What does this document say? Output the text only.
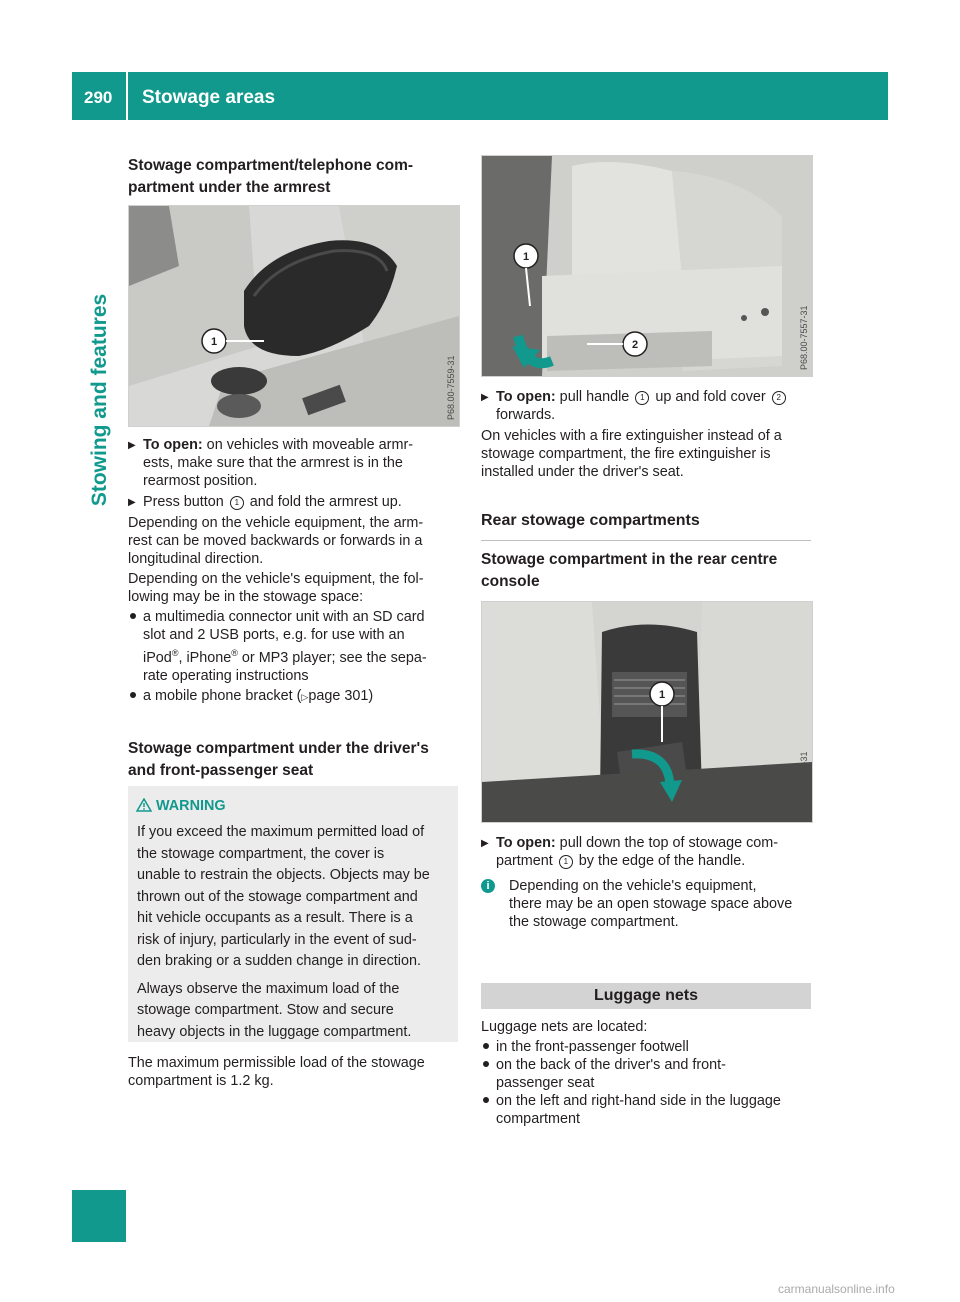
290 Stowage areas
Stowing and features

Stowage compartment/telephone com-

partment under the armrest

1
P68.00-7559-31

▶ To open: on vehicles with moveable armr-
ests, make sure that the armrest is in the
rearmost position.

▶ Press button 1 and fold the armrest up.

Depending on the vehicle equipment, the arm-
rest can be moved backwards or forwards in a
longitudinal direction.

Depending on the vehicle's equipment, the fol-
lowing may be in the stowage space:

a multimedia connector unit with an SD card
slot and 2 USB ports, e.g. for use with an
iPod®, iPhone® or MP3 player; see the sepa-
rate operating instructions

a mobile phone bracket (▷page 301)

Stowage compartment under the driver's

and front-passenger seat

WARNING

If you exceed the maximum permitted load of
the stowage compartment, the cover is
unable to restrain the objects. Objects may be
thrown out of the stowage compartment and
hit vehicle occupants as a result. There is a
risk of injury, particularly in the event of sud-
den braking or a sudden change in direction.

Always observe the maximum load of the
stowage compartment. Stow and secure
heavy objects in the luggage compartment.

The maximum permissible load of the stowage
compartment is 1.2 kg.

1
2	P68.00-7557-31

▶ To open: pull handle 1 up and fold cover 2
forwards.

On vehicles with a fire extinguisher instead of a
stowage compartment, the fire extinguisher is
installed under the driver's seat.

Rear stowage compartments

Stowage compartment in the rear centre

console

1
P68.00-7561-31

▶ To open: pull down the top of stowage com-
partment 1 by the edge of the handle.

i	Depending on the vehicle's equipment,
there may be an open stowage space above
the stowage compartment.

Luggage nets

Luggage nets are located:

in the front-passenger footwell

on the back of the driver's and front-
passenger seat

on the left and right-hand side in the luggage
compartment

carmanualsonline.info
